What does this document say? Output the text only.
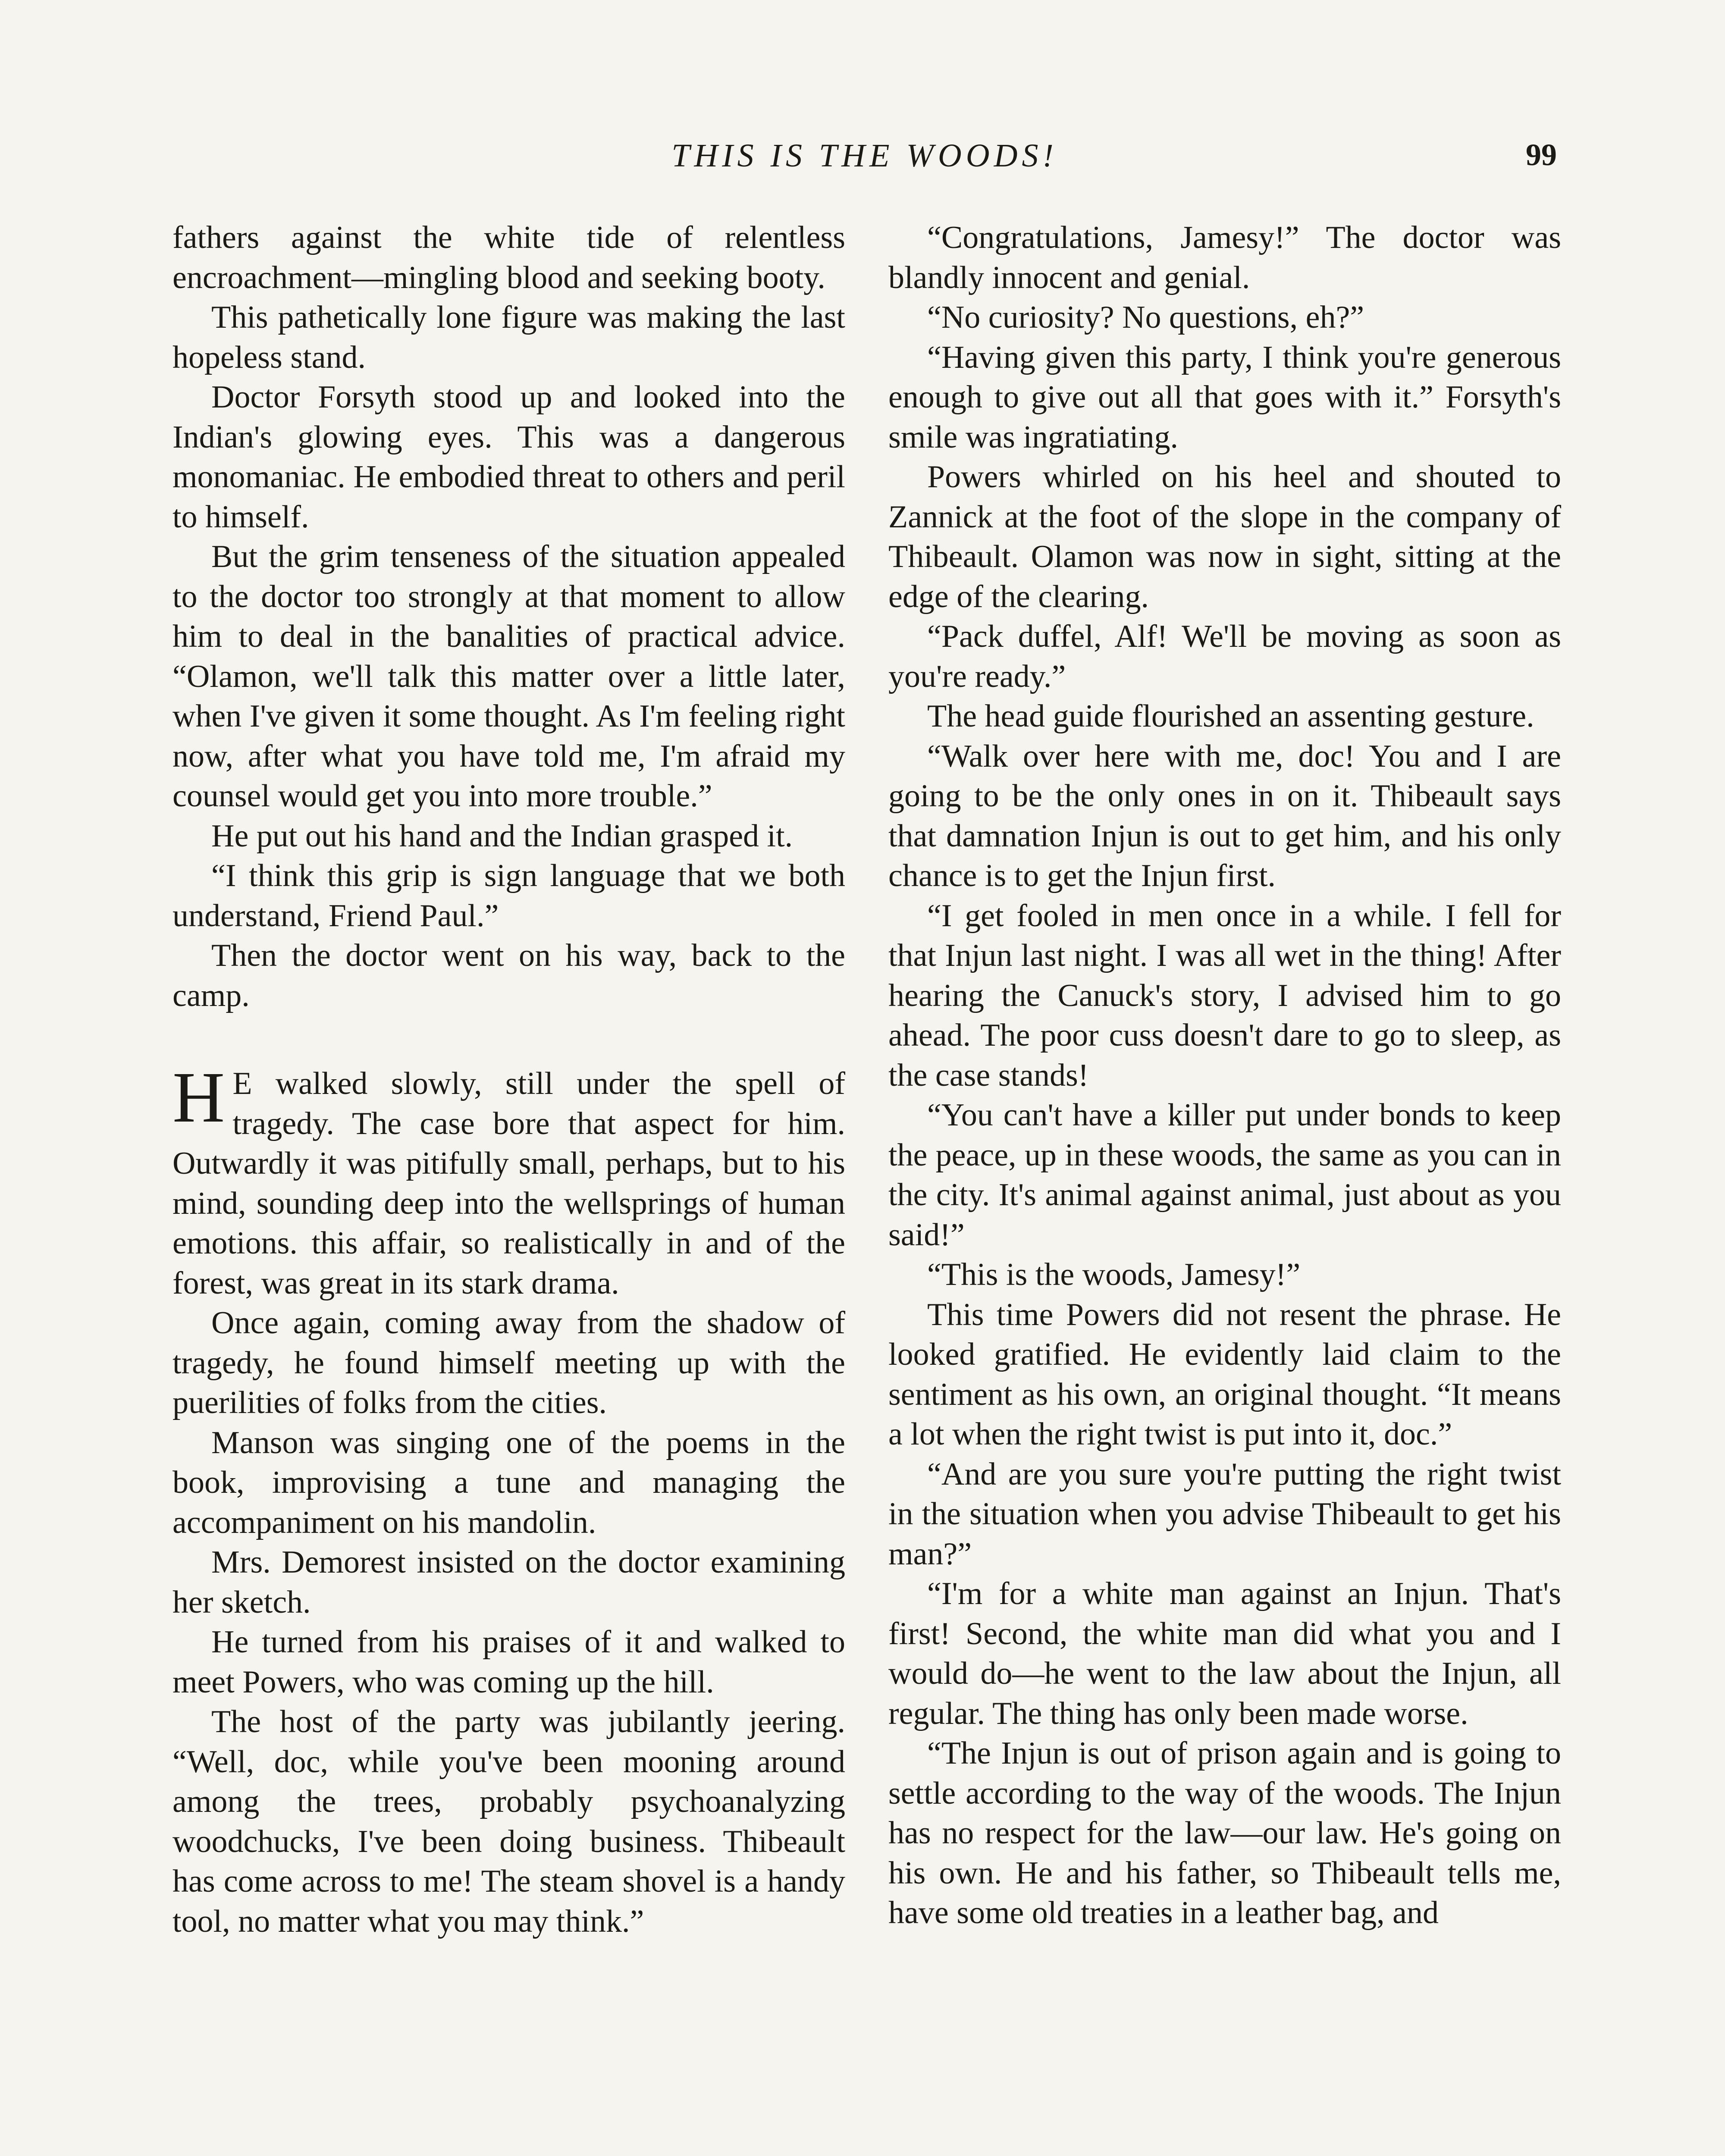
THIS IS THE WOODS!	99

fathers against the white tide of relentless encroachment—mingling blood and seeking booty.

This pathetically lone figure was making the last hopeless stand.

Doctor Forsyth stood up and looked into the Indian's glowing eyes. This was a dangerous monomaniac. He embodied threat to others and peril to himself.

But the grim tenseness of the situation appealed to the doctor too strongly at that moment to allow him to deal in the banalities of practical advice. “Olamon, we'll talk this matter over a little later, when I've given it some thought. As I'm feeling right now, after what you have told me, I'm afraid my counsel would get you into more trouble.”

He put out his hand and the Indian grasped it.

“I think this grip is sign language that we both understand, Friend Paul.”

Then the doctor went on his way, back to the camp.

H E walked slowly, still under the spell of tragedy. The case bore that aspect for him. Outwardly it was pitifully small, perhaps, but to his mind, sounding deep into the wellsprings of human emotions. this affair, so realistically in and of the forest, was great in its stark drama.

Once again, coming away from the shadow of tragedy, he found himself meeting up with the puerilities of folks from the cities.

Manson was singing one of the poems in the book, improvising a tune and managing the accompaniment on his mandolin.

Mrs. Demorest insisted on the doctor examining her sketch.

He turned from his praises of it and walked to meet Powers, who was coming up the hill.

The host of the party was jubilantly jeering. “Well, doc, while you've been mooning around among the trees, probably psychoanalyzing woodchucks, I've been doing business. Thibeault has come across to me! The steam shovel is a handy tool, no matter what you may think.”

“Congratulations, Jamesy!” The doctor was blandly innocent and genial.

“No curiosity? No questions, eh?”

“Having given this party, I think you're generous enough to give out all that goes with it.” Forsyth's smile was ingratiating.

Powers whirled on his heel and shouted to Zannick at the foot of the slope in the company of Thibeault. Olamon was now in sight, sitting at the edge of the clearing.

“Pack duffel, Alf! We'll be moving as soon as you're ready.”

The head guide flourished an assenting gesture.

“Walk over here with me, doc! You and I are going to be the only ones in on it. Thibeault says that damnation Injun is out to get him, and his only chance is to get the Injun first.

“I get fooled in men once in a while. I fell for that Injun last night. I was all wet in the thing! After hearing the Canuck's story, I advised him to go ahead. The poor cuss doesn't dare to go to sleep, as the case stands!

“You can't have a killer put under bonds to keep the peace, up in these woods, the same as you can in the city. It's animal against animal, just about as you said!”

“This is the woods, Jamesy!”

This time Powers did not resent the phrase. He looked gratified. He evidently laid claim to the sentiment as his own, an original thought. “It means a lot when the right twist is put into it, doc.”

“And are you sure you're putting the right twist in the situation when you advise Thibeault to get his man?”

“I'm for a white man against an Injun. That's first! Second, the white man did what you and I would do—he went to the law about the Injun, all regular. The thing has only been made worse.

“The Injun is out of prison again and is going to settle according to the way of the woods. The Injun has no respect for the law—our law. He's going on his own. He and his father, so Thibeault tells me, have some old treaties in a leather bag, and
